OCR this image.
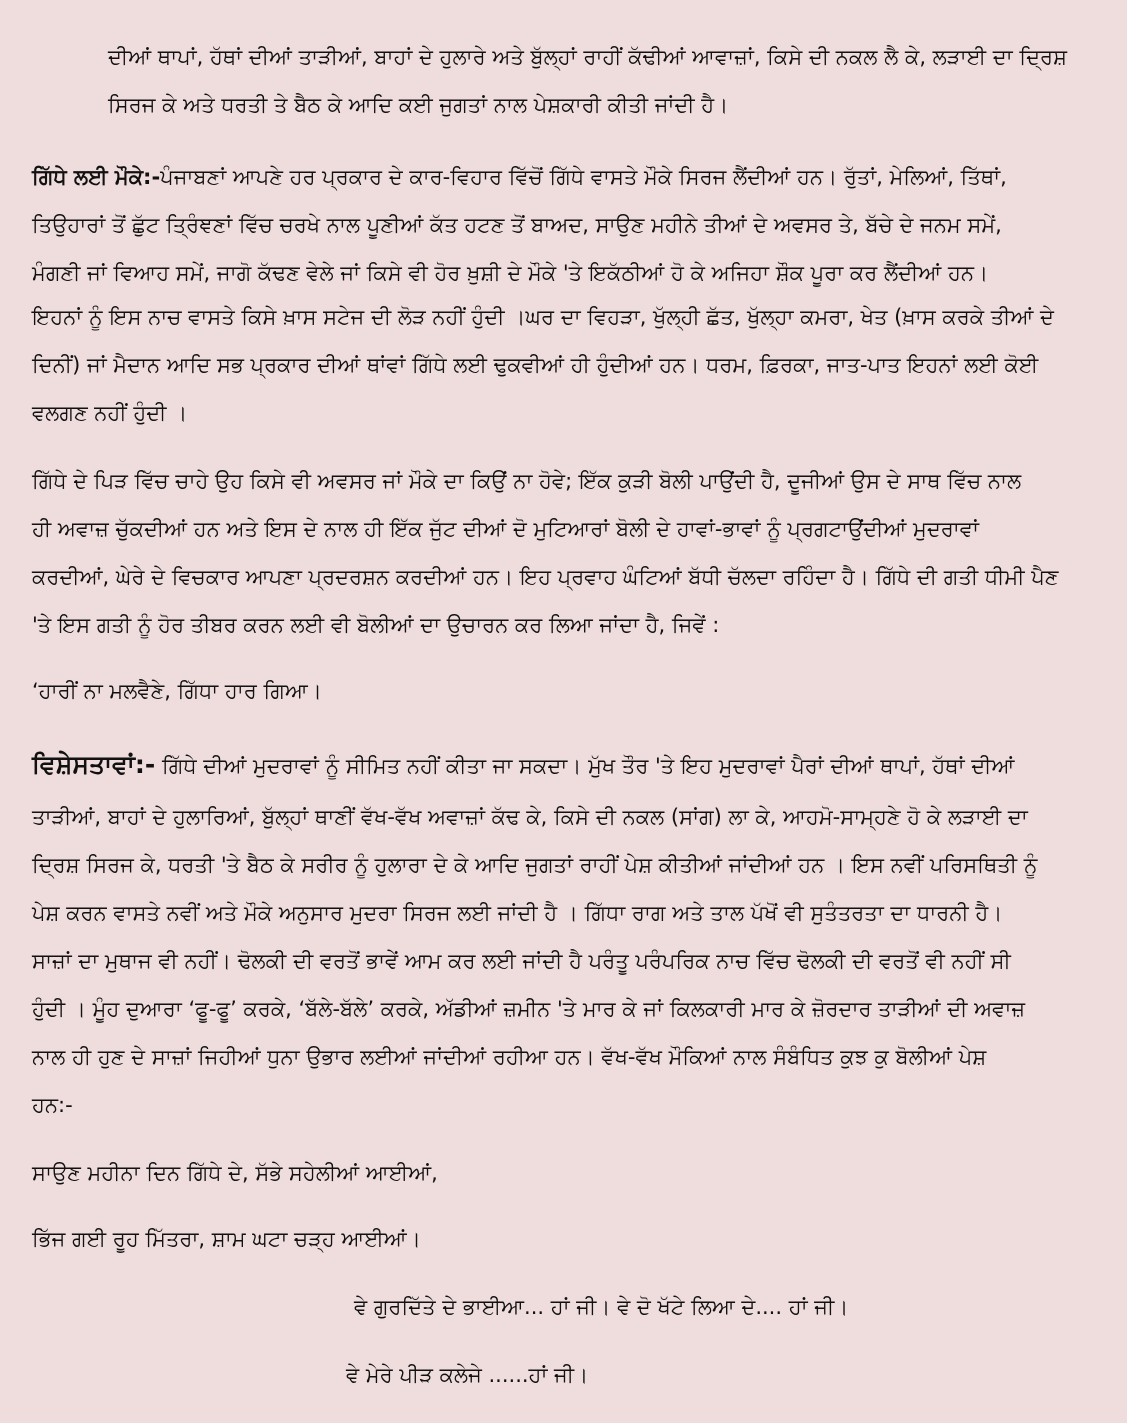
ਦੀਆਂ ਥਾਪਾਂ, ਹੱਥਾਂ ਦੀਆਂ ਤਾੜੀਆਂ, ਬਾਹਾਂ ਦੇ ਹੁਲਾਰੇ ਅਤੇ ਬੁੱਲ੍ਹਾਂ ਰਾਹੀਂ ਕੱਢੀਆਂ ਆਵਾਜ਼ਾਂ, ਕਿਸੇ ਦੀ ਨਕਲ ਲੈ ਕੇ, ਲੜਾਈ ਦਾ ਦ੍ਰਿਸ਼
ਸਿਰਜ ਕੇ ਅਤੇ ਧਰਤੀ ਤੇ ਬੈਠ ਕੇ ਆਦਿ ਕਈ ਜੁਗਤਾਂ ਨਾਲ ਪੇਸ਼ਕਾਰੀ ਕੀਤੀ ਜਾਂਦੀ ਹੈ।
ਗਿੱਧੇ ਲਈ ਮੌਕੇ:-ਪੰਜਾਬਣਾਂ ਆਪਣੇ ਹਰ ਪ੍ਰਕਾਰ ਦੇ ਕਾਰ-ਵਿਹਾਰ ਵਿੱਚੋਂ ਗਿੱਧੇ ਵਾਸਤੇ ਮੌਕੇ ਸਿਰਜ ਲੈਂਦੀਆਂ ਹਨ। ਰੁੱਤਾਂ, ਮੇਲਿਆਂ, ਤਿੱਥਾਂ,
ਤਿਉਹਾਰਾਂ ਤੋਂ ਛੁੱਟ ਤ੍ਰਿੰਞਣਾਂ ਵਿੱਚ ਚਰਖੇ ਨਾਲ ਪੂਣੀਆਂ ਕੱਤ ਹਟਣ ਤੋਂ ਬਾਅਦ, ਸਾਉਣ ਮਹੀਨੇ ਤੀਆਂ ਦੇ ਅਵਸਰ ਤੇ, ਬੱਚੇ ਦੇ ਜਨਮ ਸਮੇਂ,
ਮੰਗਣੀ ਜਾਂ ਵਿਆਹ ਸਮੇਂ, ਜਾਗੋ ਕੱਢਣ ਵੇਲੇ ਜਾਂ ਕਿਸੇ ਵੀ ਹੋਰ ਖ਼ੁਸ਼ੀ ਦੇ ਮੌਕੇ 'ਤੇ ਇਕੱਠੀਆਂ ਹੋ ਕੇ ਅਜਿਹਾ ਸ਼ੌਕ ਪੂਰਾ ਕਰ ਲੈਂਦੀਆਂ ਹਨ।
ਇਹਨਾਂ ਨੂੰ ਇਸ ਨਾਚ ਵਾਸਤੇ ਕਿਸੇ ਖ਼ਾਸ ਸਟੇਜ ਦੀ ਲੋੜ ਨਹੀਂ ਹੁੰਦੀ ।ਘਰ ਦਾ ਵਿਹੜਾ, ਖੁੱਲ੍ਹੀ ਛੱਤ, ਖੁੱਲ੍ਹਾ ਕਮਰਾ, ਖੇਤ (ਖ਼ਾਸ ਕਰਕੇ ਤੀਆਂ ਦੇ
ਦਿਨੀਂ) ਜਾਂ ਮੈਦਾਨ ਆਦਿ ਸਭ ਪ੍ਰਕਾਰ ਦੀਆਂ ਥਾਂਵਾਂ ਗਿੱਧੇ ਲਈ ਢੁਕਵੀਆਂ ਹੀ ਹੁੰਦੀਆਂ ਹਨ। ਧਰਮ, ਫ਼ਿਰਕਾ, ਜਾਤ-ਪਾਤ ਇਹਨਾਂ ਲਈ ਕੋਈ
ਵਲਗਣ ਨਹੀਂ ਹੁੰਦੀ ।
ਗਿੱਧੇ ਦੇ ਪਿੜ ਵਿੱਚ ਚਾਹੇ ਉਹ ਕਿਸੇ ਵੀ ਅਵਸਰ ਜਾਂ ਮੌਕੇ ਦਾ ਕਿਉਂ ਨਾ ਹੋਵੇ; ਇੱਕ ਕੁੜੀ ਬੋਲੀ ਪਾਉਂਦੀ ਹੈ, ਦੂਜੀਆਂ ਉਸ ਦੇ ਸਾਥ ਵਿੱਚ ਨਾਲ
ਹੀ ਅਵਾਜ਼ ਚੁੱਕਦੀਆਂ ਹਨ ਅਤੇ ਇਸ ਦੇ ਨਾਲ ਹੀ ਇੱਕ ਜੁੱਟ ਦੀਆਂ ਦੋ ਮੁਟਿਆਰਾਂ ਬੋਲੀ ਦੇ ਹਾਵਾਂ-ਭਾਵਾਂ ਨੂੰ ਪ੍ਰਗਟਾਉਂਦੀਆਂ ਮੁਦਰਾਵਾਂ
ਕਰਦੀਆਂ, ਘੇਰੇ ਦੇ ਵਿਚਕਾਰ ਆਪਣਾ ਪ੍ਰਦਰਸ਼ਨ ਕਰਦੀਆਂ ਹਨ। ਇਹ ਪ੍ਰਵਾਹ ਘੰਟਿਆਂ ਬੱਧੀ ਚੱਲਦਾ ਰਹਿੰਦਾ ਹੈ। ਗਿੱਧੇ ਦੀ ਗਤੀ ਧੀਮੀ ਪੈਣ
'ਤੇ ਇਸ ਗਤੀ ਨੂੰ ਹੋਰ ਤੀਬਰ ਕਰਨ ਲਈ ਵੀ ਬੋਲੀਆਂ ਦਾ ਉਚਾਰਨ ਕਰ ਲਿਆ ਜਾਂਦਾ ਹੈ, ਜਿਵੇਂ :
‘ਹਾਰੀਂ ਨਾ ਮਲਵੈਣੇ, ਗਿੱਧਾ ਹਾਰ ਗਿਆ।
ਵਿਸ਼ੇਸਤਾਵਾਂ:- ਗਿੱਧੇ ਦੀਆਂ ਮੁਦਰਾਵਾਂ ਨੂੰ ਸੀਮਿਤ ਨਹੀਂ ਕੀਤਾ ਜਾ ਸਕਦਾ। ਮੁੱਖ ਤੌਰ 'ਤੇ ਇਹ ਮੁਦਰਾਵਾਂ ਪੈਰਾਂ ਦੀਆਂ ਥਾਪਾਂ, ਹੱਥਾਂ ਦੀਆਂ
ਤਾੜੀਆਂ, ਬਾਹਾਂ ਦੇ ਹੁਲਾਰਿਆਂ, ਬੁੱਲ੍ਹਾਂ ਥਾਣੀਂ ਵੱਖ-ਵੱਖ ਅਵਾਜ਼ਾਂ ਕੱਢ ਕੇ, ਕਿਸੇ ਦੀ ਨਕਲ (ਸਾਂਗ) ਲਾ ਕੇ, ਆਹਮੋ-ਸਾਮ੍ਹਣੇ ਹੋ ਕੇ ਲੜਾਈ ਦਾ
ਦ੍ਰਿਸ਼ ਸਿਰਜ ਕੇ, ਧਰਤੀ 'ਤੇ ਬੈਠ ਕੇ ਸਰੀਰ ਨੂੰ ਹੁਲਾਰਾ ਦੇ ਕੇ ਆਦਿ ਜੁਗਤਾਂ ਰਾਹੀਂ ਪੇਸ਼ ਕੀਤੀਆਂ ਜਾਂਦੀਆਂ ਹਨ । ਇਸ ਨਵੀਂ ਪਰਿਸਥਿਤੀ ਨੂੰ
ਪੇਸ਼ ਕਰਨ ਵਾਸਤੇ ਨਵੀਂ ਅਤੇ ਮੌਕੇ ਅਨੁਸਾਰ ਮੁਦਰਾ ਸਿਰਜ ਲਈ ਜਾਂਦੀ ਹੈ । ਗਿੱਧਾ ਰਾਗ ਅਤੇ ਤਾਲ ਪੱਖੋਂ ਵੀ ਸੁਤੰਤਰਤਾ ਦਾ ਧਾਰਨੀ ਹੈ।
ਸਾਜ਼ਾਂ ਦਾ ਮੁਥਾਜ ਵੀ ਨਹੀਂ। ਢੋਲਕੀ ਦੀ ਵਰਤੋਂ ਭਾਵੇਂ ਆਮ ਕਰ ਲਈ ਜਾਂਦੀ ਹੈ ਪਰੰਤੂ ਪਰੰਪਰਿਕ ਨਾਚ ਵਿੱਚ ਢੋਲਕੀ ਦੀ ਵਰਤੋਂ ਵੀ ਨਹੀਂ ਸੀ
ਹੁੰਦੀ । ਮੂੰਹ ਦੁਆਰਾ ‘ਫੂ-ਫੂ’ ਕਰਕੇ, ‘ਬੱਲੇ-ਬੱਲੇ’ ਕਰਕੇ, ਅੱਡੀਆਂ ਜ਼ਮੀਨ 'ਤੇ ਮਾਰ ਕੇ ਜਾਂ ਕਿਲਕਾਰੀ ਮਾਰ ਕੇ ਜ਼ੋਰਦਾਰ ਤਾੜੀਆਂ ਦੀ ਅਵਾਜ਼
ਨਾਲ ਹੀ ਹੁਣ ਦੇ ਸਾਜ਼ਾਂ ਜਿਹੀਆਂ ਧੁਨਾ ਉਭਾਰ ਲਈਆਂ ਜਾਂਦੀਆਂ ਰਹੀਆ ਹਨ। ਵੱਖ-ਵੱਖ ਮੌਕਿਆਂ ਨਾਲ ਸੰਬੰਧਿਤ ਕੁਝ ਕੁ ਬੋਲੀਆਂ ਪੇਸ਼
ਹਨ:-
ਸਾਉਣ ਮਹੀਨਾ ਦਿਨ ਗਿੱਧੇ ਦੇ, ਸੱਭੇ ਸਹੇਲੀਆਂ ਆਈਆਂ,
ਭਿੱਜ ਗਈ ਰੂਹ ਮਿੱਤਰਾ, ਸ਼ਾਮ ਘਟਾ ਚੜ੍ਹ ਆਈਆਂ।
ਵੇ ਗੁਰਦਿੱਤੇ ਦੇ ਭਾਈਆ... ਹਾਂ ਜੀ। ਵੇ ਦੋ ਖੱਟੇ ਲਿਆ ਦੇ.... ਹਾਂ ਜੀ।
ਵੇ ਮੇਰੇ ਪੀੜ ਕਲੇਜੇ ......ਹਾਂ ਜੀ।
